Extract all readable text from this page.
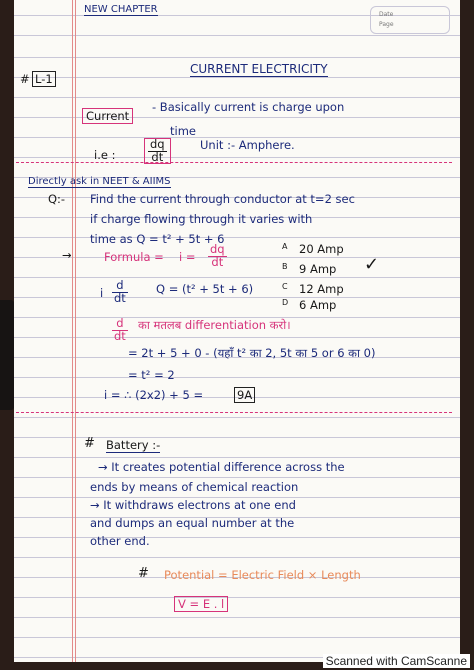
Date
Page
NEW CHAPTER
# L-1
CURRENT ELECTRICITY
Current
- Basically current is charge upon
time
i.e :	$\frac{dq}{dt}$	Unit :- Amphere.
Directly ask in NEET & AIIMS
Q:- Find the current through conductor at t=2 sec
if charge flowing through it varies with
time as Q = t² + 5t + 6
→	Formula = $i = \frac{dq}{dt}$	A 20 Amp
B 9 Amp ✓
C 12 Amp
D 6 Amp
i $\frac{d}{dt}$ Q = (t² + 5t + 6)
$\frac{d}{dt}$ का मतलब differentiation करो।
= 2t + 5 + 0 - (यहाँ t² का 2, 5t का 5 or 6 का 0)
= t² = 2
i = ∴ (2x2) + 5 =	9A
# Battery :-
→ It creates potential difference across the
ends by means of chemical reaction
→ It withdraws electrons at one end
and dumps an equal number at the
other end.
# Potential = Electric Field × Length
V = E . l
Scanned with CamScanne
